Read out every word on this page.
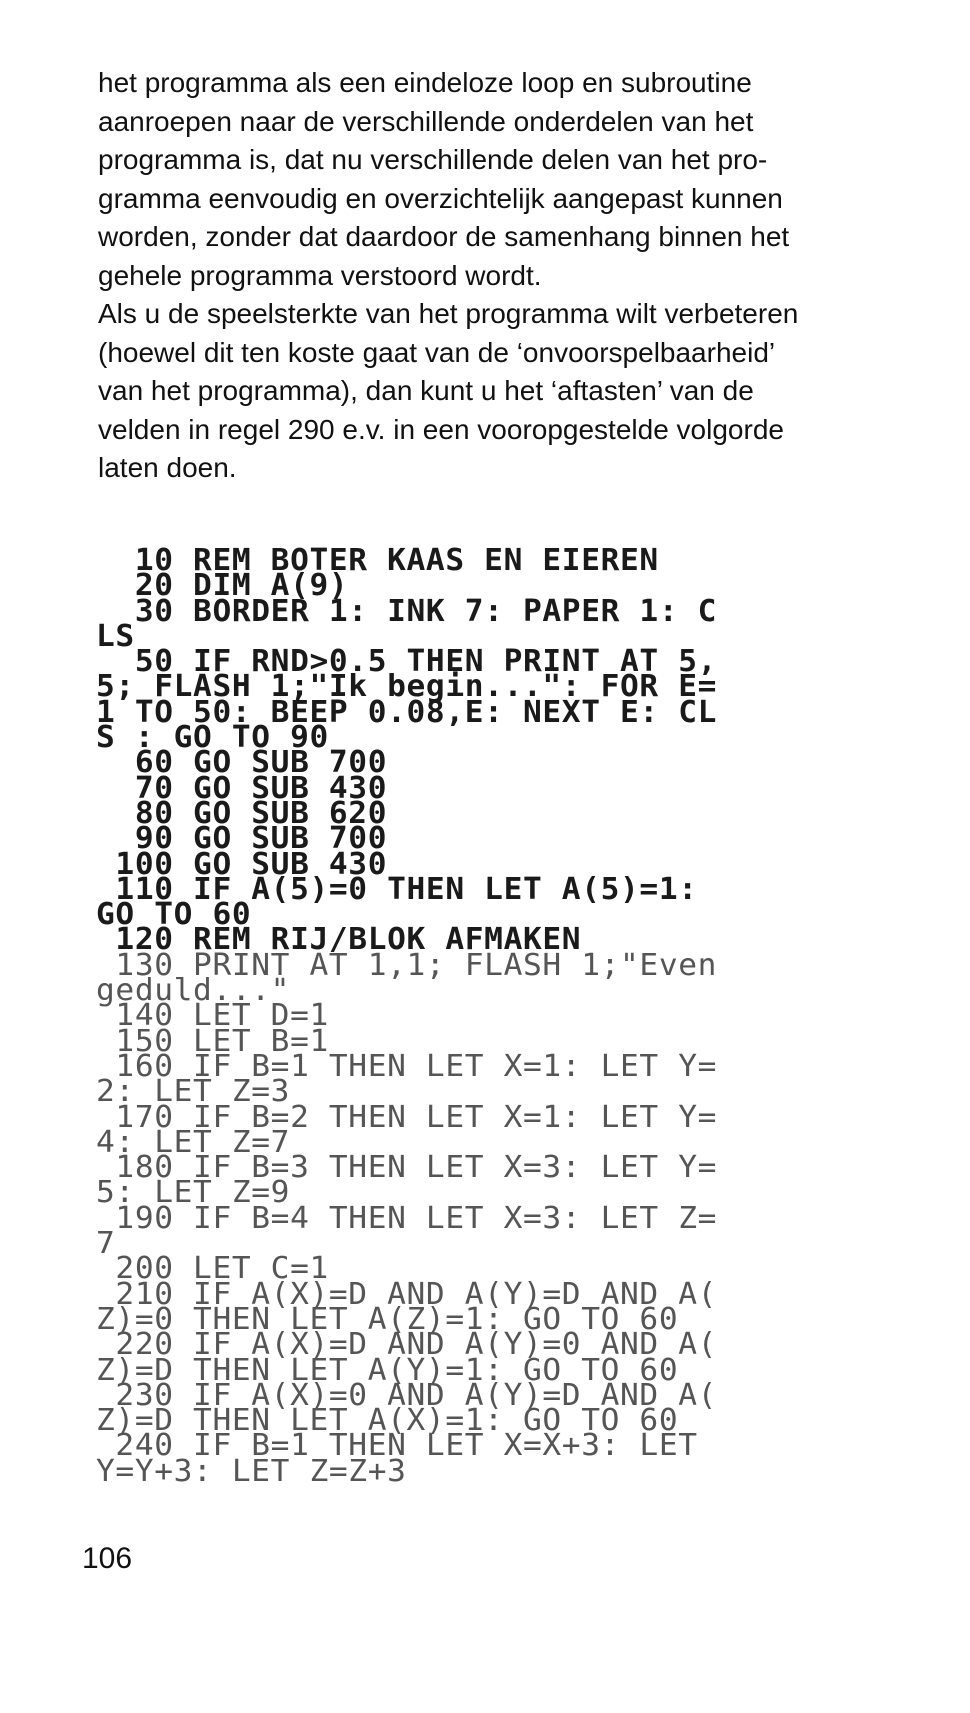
het programma als een eindeloze loop en subroutine
aanroepen naar de verschillende onderdelen van het
programma is, dat nu verschillende delen van het pro-
gramma eenvoudig en overzichtelijk aangepast kunnen
worden, zonder dat daardoor de samenhang binnen het
gehele programma verstoord wordt.
Als u de speelsterkte van het programma wilt verbeteren
(hoewel dit ten koste gaat van de ‘onvoorspelbaarheid’
van het programma), dan kunt u het ‘aftasten’ van de
velden in regel 290 e.v. in een vooropgestelde volgorde
laten doen.
10 REM BOTER KAAS EN EIEREN
20 DIM A(9)
30 BORDER 1: INK 7: PAPER 1: C
LS
50 IF RND>0.5 THEN PRINT AT 5,
5; FLASH 1;"Ik begin...": FOR E=
1 TO 50: BEEP 0.08,E: NEXT E: CL
S : GO TO 90
60 GO SUB 700
70 GO SUB 430
80 GO SUB 620
90 GO SUB 700
100 GO SUB 430
110 IF A(5)=0 THEN LET A(5)=1:
GO TO 60
120 REM RIJ/BLOK AFMAKEN
130 PRINT AT 1,1; FLASH 1;"Even
geduld..."
140 LET D=1
150 LET B=1
160 IF B=1 THEN LET X=1: LET Y=
2: LET Z=3
170 IF B=2 THEN LET X=1: LET Y=
4: LET Z=7
180 IF B=3 THEN LET X=3: LET Y=
5: LET Z=9
190 IF B=4 THEN LET X=3: LET Z=
7
200 LET C=1
210 IF A(X)=D AND A(Y)=D AND A(
Z)=0 THEN LET A(Z)=1: GO TO 60
220 IF A(X)=D AND A(Y)=0 AND A(
Z)=D THEN LET A(Y)=1: GO TO 60
230 IF A(X)=0 AND A(Y)=D AND A(
Z)=D THEN LET A(X)=1: GO TO 60
240 IF B=1 THEN LET X=X+3: LET
Y=Y+3: LET Z=Z+3
106
